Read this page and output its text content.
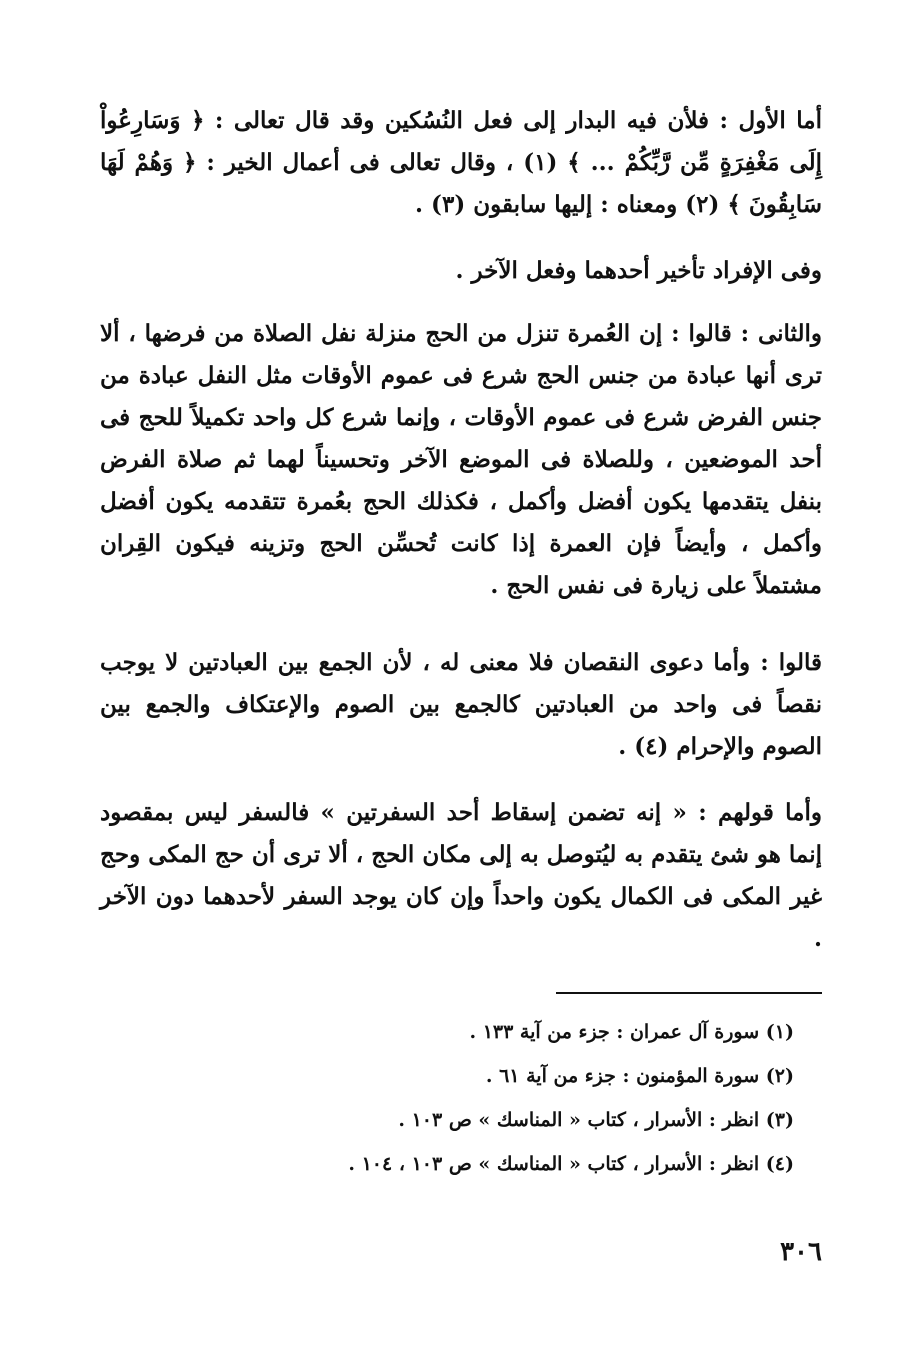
أما الأول : فلأن فيه البدار إلى فعل النُسُكين وقد قال تعالى : ﴿ وَسَارِعُواْ إِلَى مَغْفِرَةٍ مِّن رَّبِّكُمْ ... ﴾ (١) ، وقال تعالى فى أعمال الخير : ﴿ وَهُمْ لَهَا سَابِقُونَ ﴾ (٢) ومعناه : إليها سابقون (٣) .

وفى الإفراد تأخير أحدهما وفعل الآخر .

والثانى : قالوا : إن العُمرة تنزل من الحج منزلة نفل الصلاة من فرضها ، ألا ترى أنها عبادة من جنس الحج شرع فى عموم الأوقات مثل النفل عبادة من جنس الفرض شرع فى عموم الأوقات ، وإنما شرع كل واحد تكميلاً للحج فى أحد الموضعين ، وللصلاة فى الموضع الآخر وتحسيناً لهما ثم صلاة الفرض بنفل يتقدمها يكون أفضل وأكمل ، فكذلك الحج بعُمرة تتقدمه يكون أفضل وأكمل ، وأيضاً فإن العمرة إذا كانت تُحسِّن الحج وتزينه فيكون القِران مشتملاً على زيارة فى نفس الحج .

قالوا : وأما دعوى النقصان فلا معنى له ، لأن الجمع بين العبادتين لا يوجب نقصاً فى واحد من العبادتين كالجمع بين الصوم والإعتكاف والجمع بين الصوم والإحرام (٤) .

وأما قولهم : « إنه تضمن إسقاط أحد السفرتين » فالسفر ليس بمقصود إنما هو شئ يتقدم به ليُتوصل به إلى مكان الحج ، ألا ترى أن حج المكى وحج غير المكى فى الكمال يكون واحداً وإن كان يوجد السفر لأحدهما دون الآخر .

(١) سورة آل عمران : جزء من آية ١٣٣ .
(٢) سورة المؤمنون : جزء من آية ٦١ .
(٣) انظر : الأسرار ، كتاب « المناسك » ص ١٠٣ .
(٤) انظر : الأسرار ، كتاب « المناسك » ص ١٠٣ ، ١٠٤ .
٣٠٦
